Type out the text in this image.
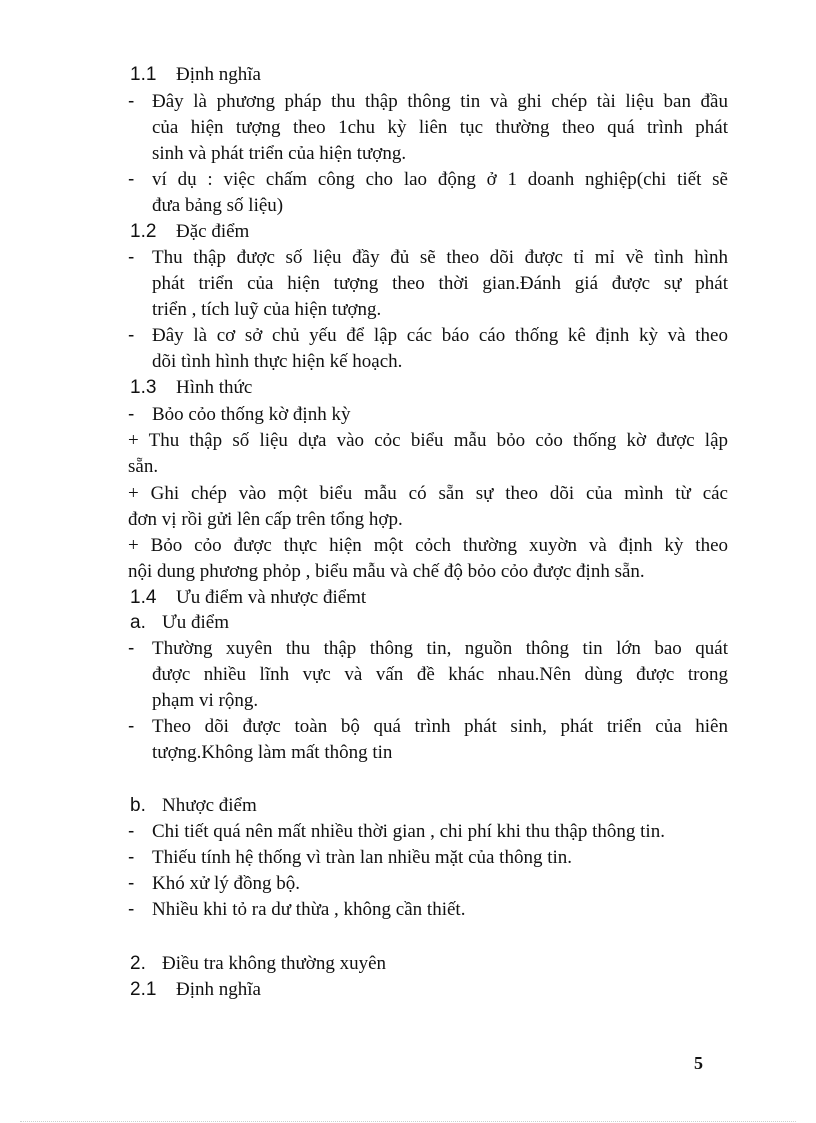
1.1 Định nghĩa
- Đây là phương pháp thu thập thông tin và ghi chép tài liệu ban đầu
của hiện tượng theo 1chu kỳ liên tục thường theo quá trình phát
sinh và phát triển của hiện tượng.
- ví dụ : việc chấm công cho lao động ở 1 doanh nghiệp(chi tiết sẽ
đưa bảng số liệu)
1.2 Đặc điểm
- Thu thập được số liệu đầy đủ sẽ theo dõi được tỉ mỉ về tình hình
phát triển của hiện tượng theo thời gian.Đánh giá được sự phát
triển , tích luỹ của hiện tượng.
- Đây là cơ sở chủ yếu để lập các báo cáo thống kê định kỳ và theo
dõi tình hình thực hiện kế hoạch.
1.3 Hình thức
- Bỏo cỏo thống kờ định kỳ
+ Thu thập số liệu dựa vào cỏc biểu mẫu bỏo cỏo thống kờ được lập
sẵn.
+ Ghi chép vào một biểu mẫu có sẵn sự theo dõi của mình từ các
đơn vị rồi gửi lên cấp trên tổng hợp.
+ Bỏo cỏo được thực hiện một cỏch thường xuyờn và định kỳ theo
nội dung phương phỏp , biểu mẫu và chế độ bỏo cỏo được định sẵn.
1.4 Ưu điểm và nhược điểmt
a. Ưu điểm
- Thường xuyên thu thập thông tin, nguồn thông tin lớn bao quát
được nhiều lĩnh vực và vấn đề khác nhau.Nên dùng được trong
phạm vi rộng.
- Theo dõi được toàn bộ quá trình phát sinh, phát triển của hiên
tượng.Không làm mất thông tin
b. Nhược điểm
- Chi tiết quá nên mất nhiều thời gian , chi phí khi thu thập thông tin.
- Thiếu tính hệ thống vì tràn lan nhiều mặt của thông tin.
- Khó xử lý đồng bộ.
- Nhiều khi tỏ ra dư thừa , không cần thiết.
2. Điều tra không thường xuyên
2.1 Định nghĩa
5
